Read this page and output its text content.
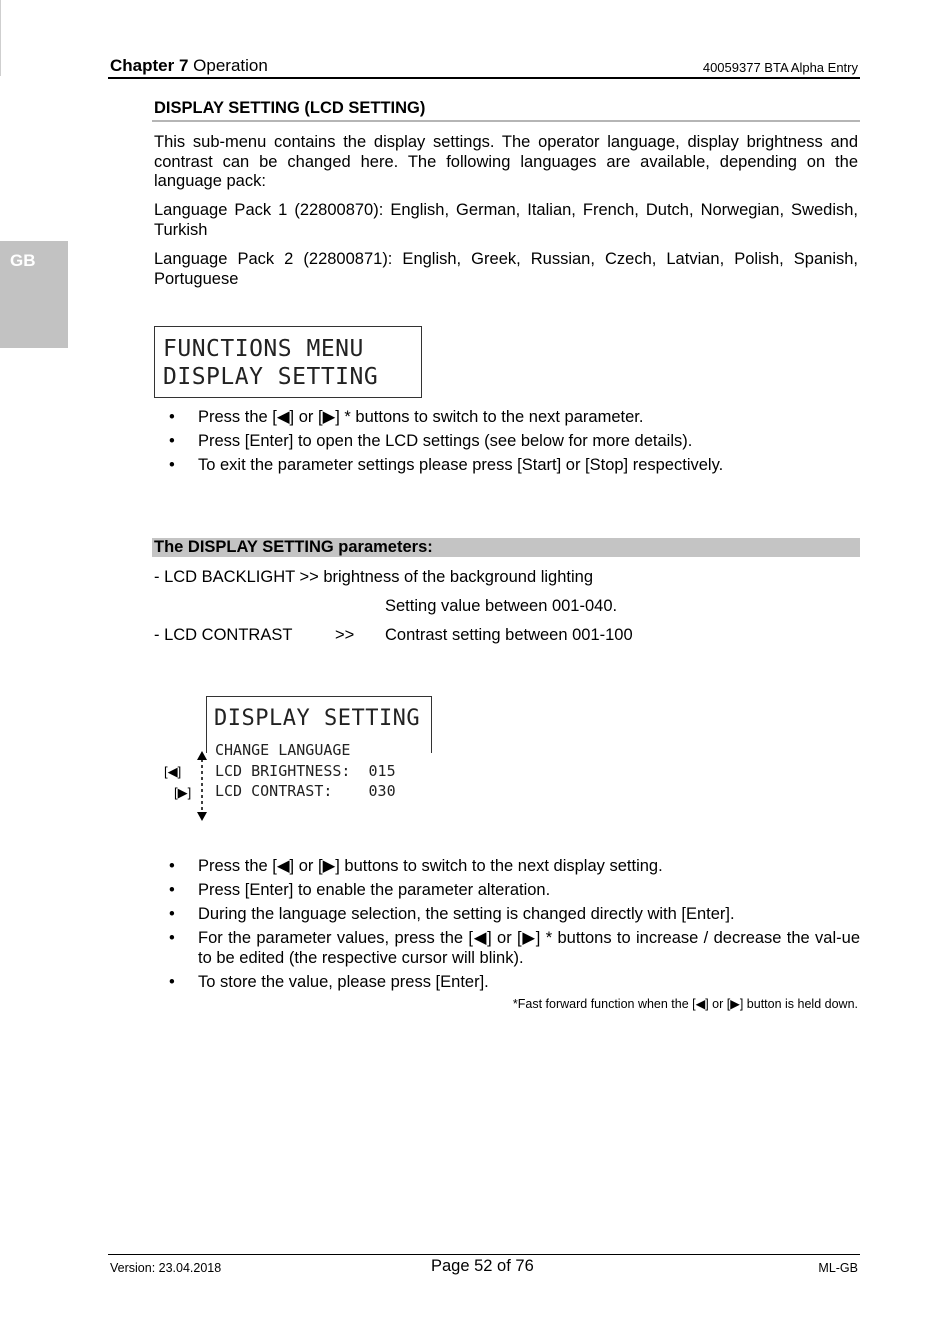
GB
Chapter 7 Operation	40059377 BTA Alpha Entry
DISPLAY SETTING (LCD SETTING)
This sub-menu contains the display settings. The operator language, display brightness and contrast can be changed here. The following languages are available, depending on the language pack:
Language Pack 1 (22800870): English, German, Italian, French, Dutch, Norwegian, Swedish, Turkish
Language Pack 2 (22800871): English, Greek, Russian, Czech, Latvian, Polish, Spanish, Portuguese
FUNCTIONS MENU
DISPLAY SETTING
• Press the [◀] or [▶] * buttons to switch to the next parameter.
• Press [Enter] to open the LCD settings (see below for more details).
• To exit the parameter settings please press [Start] or [Stop] respectively.
The DISPLAY SETTING parameters:
- LCD BACKLIGHT >> brightness of the background lighting
Setting value between 001-040.
- LCD CONTRAST	>> Contrast setting between 001-100
DISPLAY SETTING
CHANGE LANGUAGE
LCD BRIGHTNESS:  015
LCD CONTRAST:    030
[◀]
[▶]
• Press the [◀] or [▶] buttons to switch to the next display setting.
• Press [Enter] to enable the parameter alteration.
• During the language selection, the setting is changed directly with [Enter].
• For the parameter values, press the [◀] or [▶] * buttons to increase / decrease the val-ue to be edited (the respective cursor will blink).
• To store the value, please press [Enter].
*Fast forward function when the [◀] or [▶] button is held down.
Version: 23.04.2018	Page 52 of 76	ML-GB
